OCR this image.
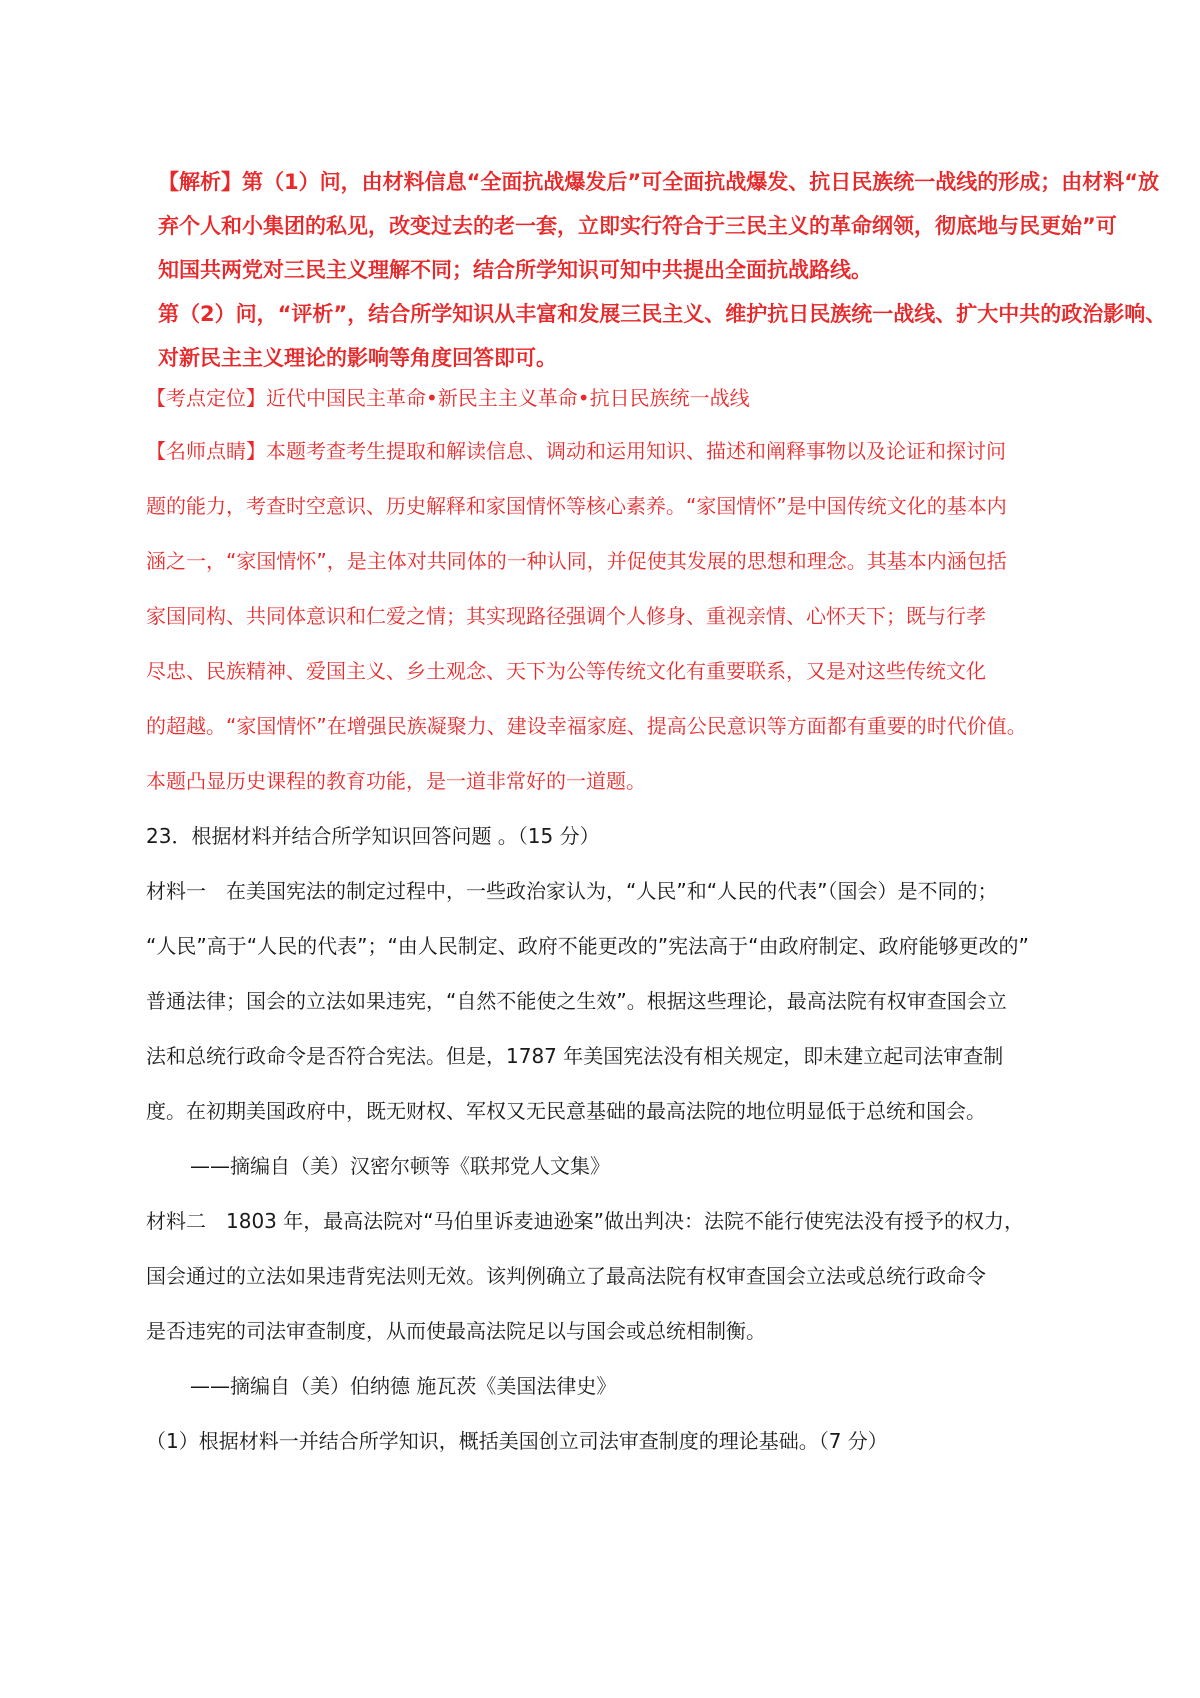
【解析】第（1）问，由材料信息“全面抗战爆发后”可全面抗战爆发、抗日民族统一战线的形成；由材料“放
弃个人和小集团的私见，改变过去的老一套，立即实行符合于三民主义的革命纲领，彻底地与民更始”可
知国共两党对三民主义理解不同；结合所学知识可知中共提出全面抗战路线。
第（2）问，“评析”，结合所学知识从丰富和发展三民主义、维护抗日民族统一战线、扩大中共的政治影响、
对新民主主义理论的影响等角度回答即可。
【考点定位】近代中国民主革命•新民主主义革命•抗日民族统一战线
【名师点睛】本题考查考生提取和解读信息、调动和运用知识、描述和阐释事物以及论证和探讨问
题的能力，考查时空意识、历史解释和家国情怀等核心素养。“家国情怀”是中国传统文化的基本内
涵之一，“家国情怀”，是主体对共同体的一种认同，并促使其发展的思想和理念。其基本内涵包括
家国同构、共同体意识和仁爱之情；其实现路径强调个人修身、重视亲情、心怀天下；既与行孝
尽忠、民族精神、爱国主义、乡土观念、天下为公等传统文化有重要联系，又是对这些传统文化
的超越。“家国情怀”在增强民族凝聚力、建设幸福家庭、提高公民意识等方面都有重要的时代价值。
本题凸显历史课程的教育功能，是一道非常好的一道题。
23．根据材料并结合所学知识回答问题 。（15 分）
材料一　在美国宪法的制定过程中，一些政治家认为，“人民”和“人民的代表”（国会）是不同的；
“人民”高于“人民的代表”；“由人民制定、政府不能更改的”宪法高于“由政府制定、政府能够更改的”
普通法律；国会的立法如果违宪，“自然不能使之生效”。根据这些理论，最高法院有权审查国会立
法和总统行政命令是否符合宪法。但是，1787 年美国宪法没有相关规定，即未建立起司法审查制
度。在初期美国政府中，既无财权、军权又无民意基础的最高法院的地位明显低于总统和国会。
——摘编自（美）汉密尔顿等《联邦党人文集》
材料二　1803 年，最高法院对“马伯里诉麦迪逊案”做出判决：法院不能行使宪法没有授予的权力，
国会通过的立法如果违背宪法则无效。该判例确立了最高法院有权审查国会立法或总统行政命令
是否违宪的司法审查制度，从而使最高法院足以与国会或总统相制衡。
——摘编自（美）伯纳德 施瓦茨《美国法律史》
（1）根据材料一并结合所学知识，概括美国创立司法审查制度的理论基础。（7 分）
